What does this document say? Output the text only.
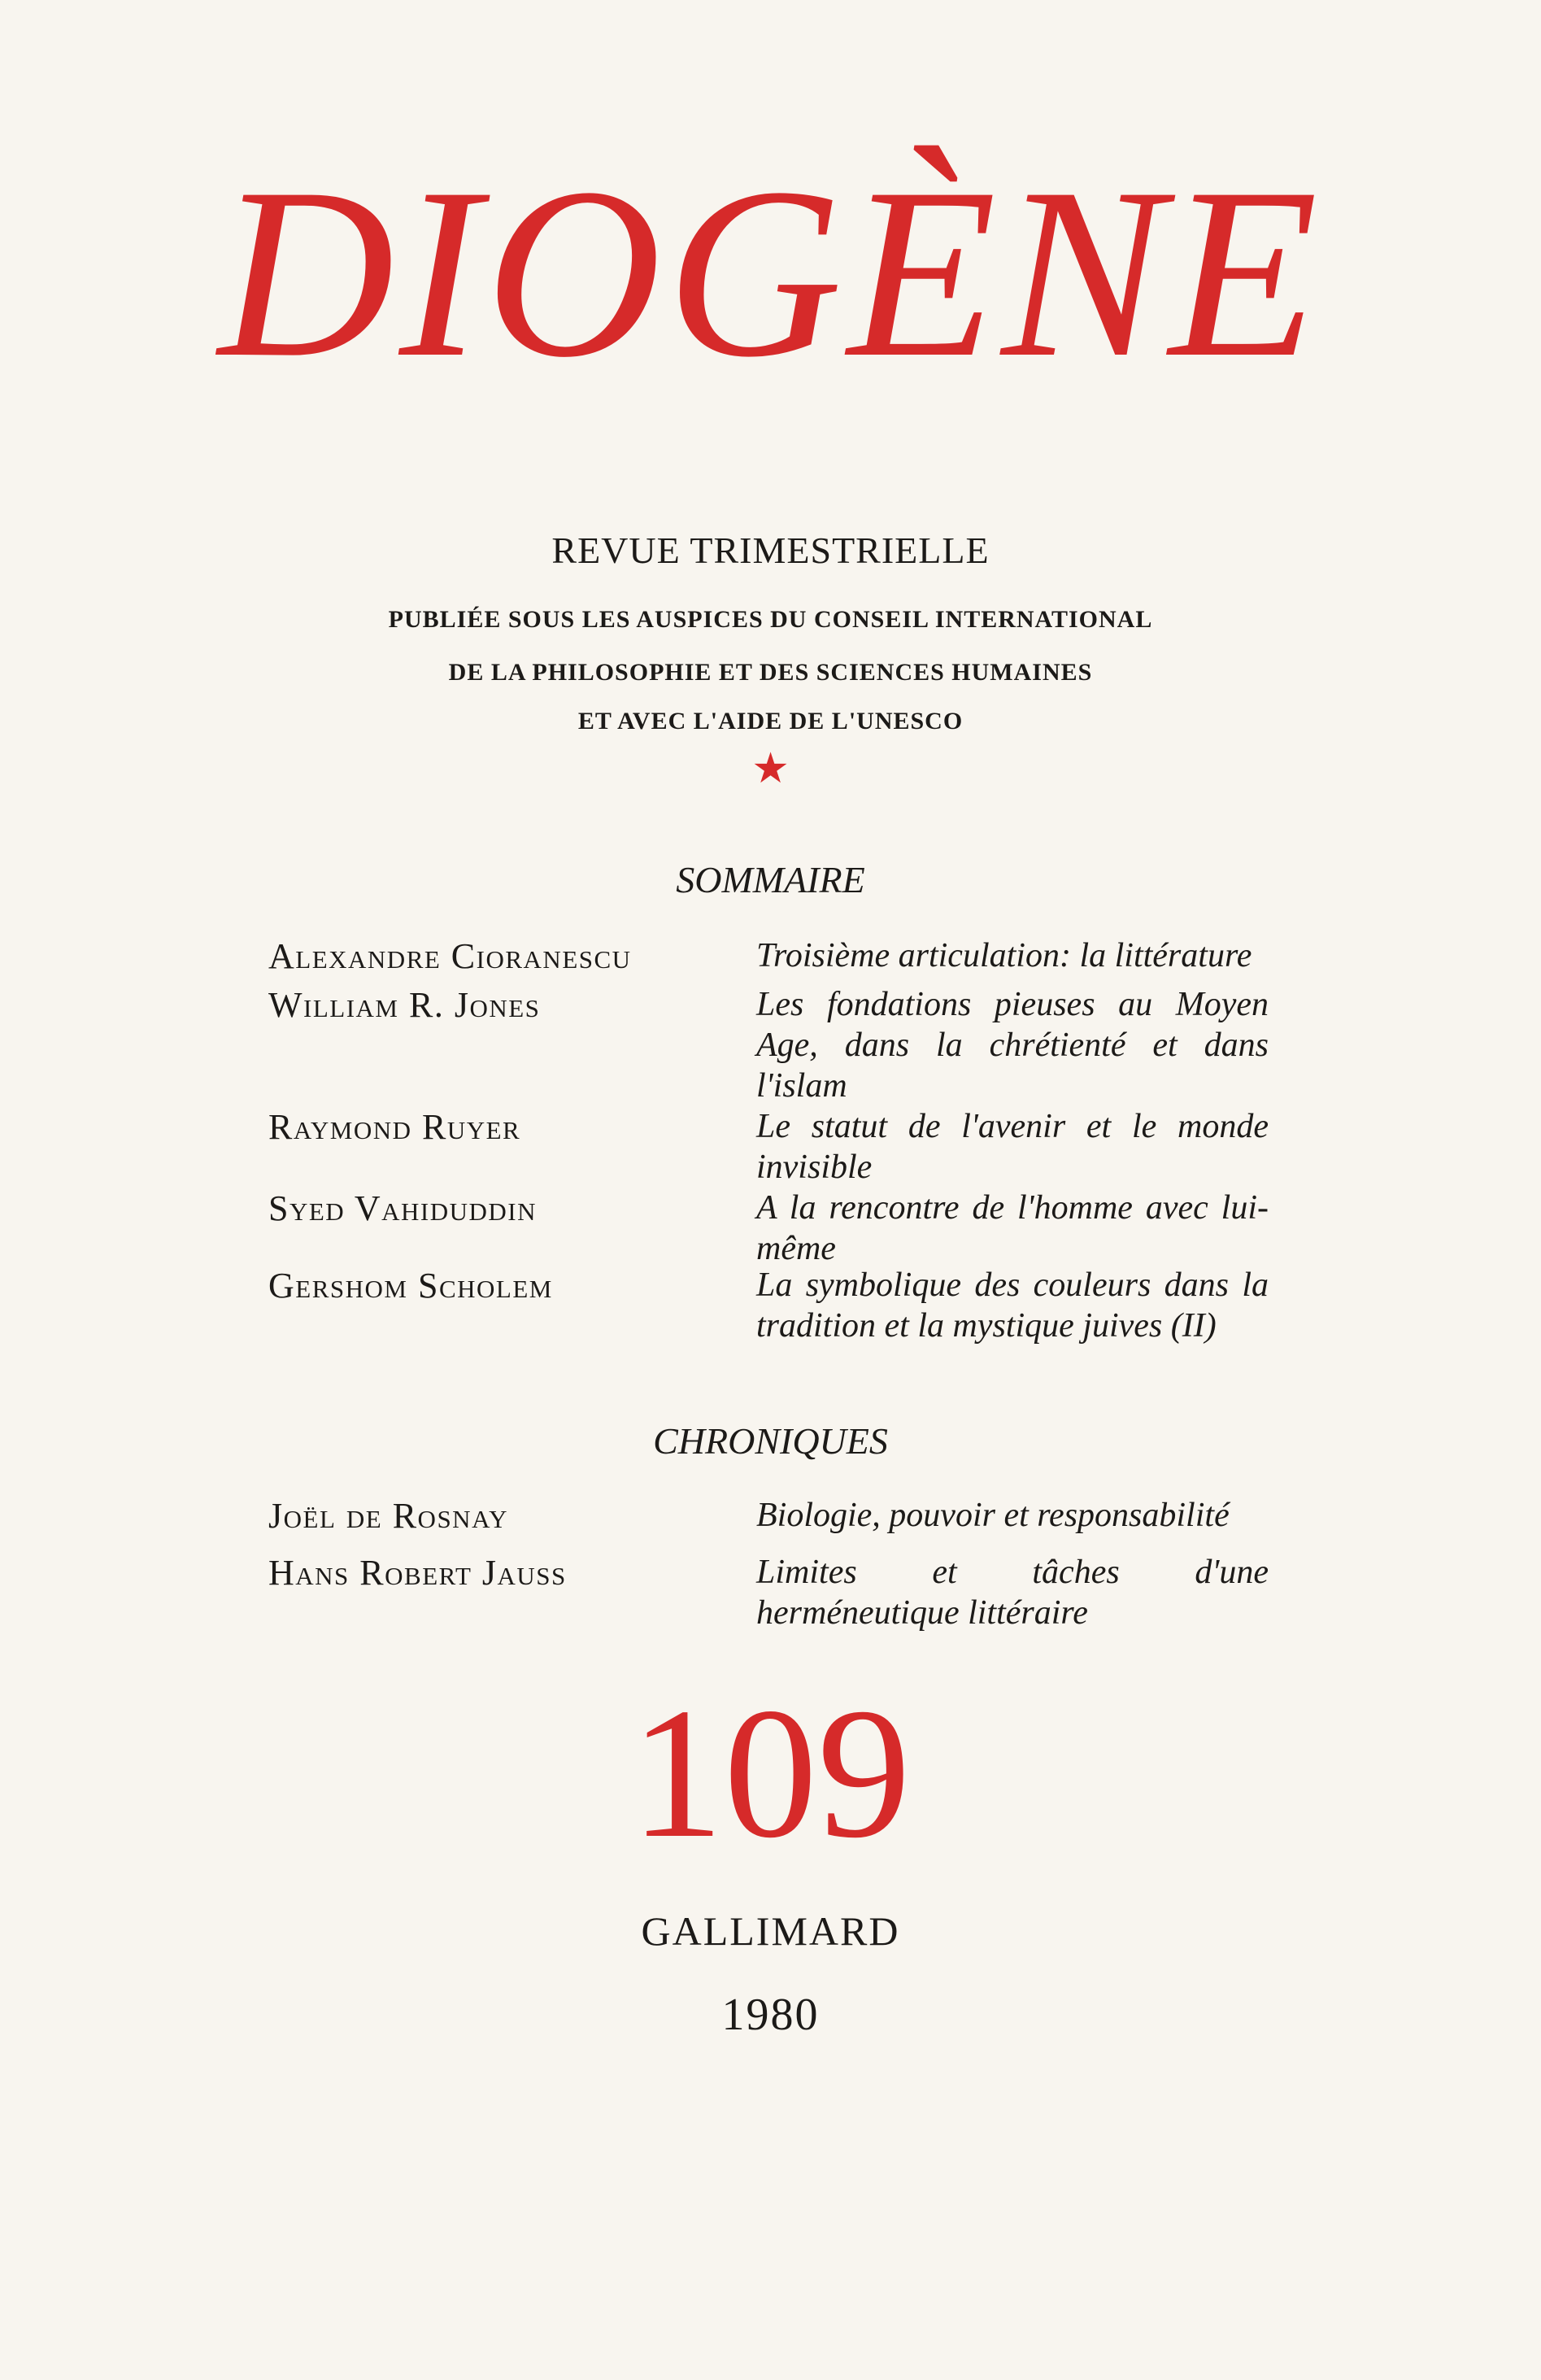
DIOGÈNE
REVUE TRIMESTRIELLE
PUBLIÉE SOUS LES AUSPICES DU CONSEIL INTERNATIONAL
DE LA PHILOSOPHIE ET DES SCIENCES HUMAINES
ET AVEC L'AIDE DE L'UNESCO
★
SOMMAIRE
Alexandre Cioranescu	Troisième articulation: la littérature
William R. Jones	Les fondations pieuses au Moyen Age, dans la chrétienté et dans l'islam
Raymond Ruyer	Le statut de l'avenir et le monde invisible
Syed Vahiduddin	A la rencontre de l'homme avec lui-même
Gershom Scholem	La symbolique des couleurs dans la tradition et la mystique juives (II)
CHRONIQUES
Joël de Rosnay	Biologie, pouvoir et responsabilité
Hans Robert Jauss	Limites et tâches d'une herméneutique littéraire
109
GALLIMARD
1980
